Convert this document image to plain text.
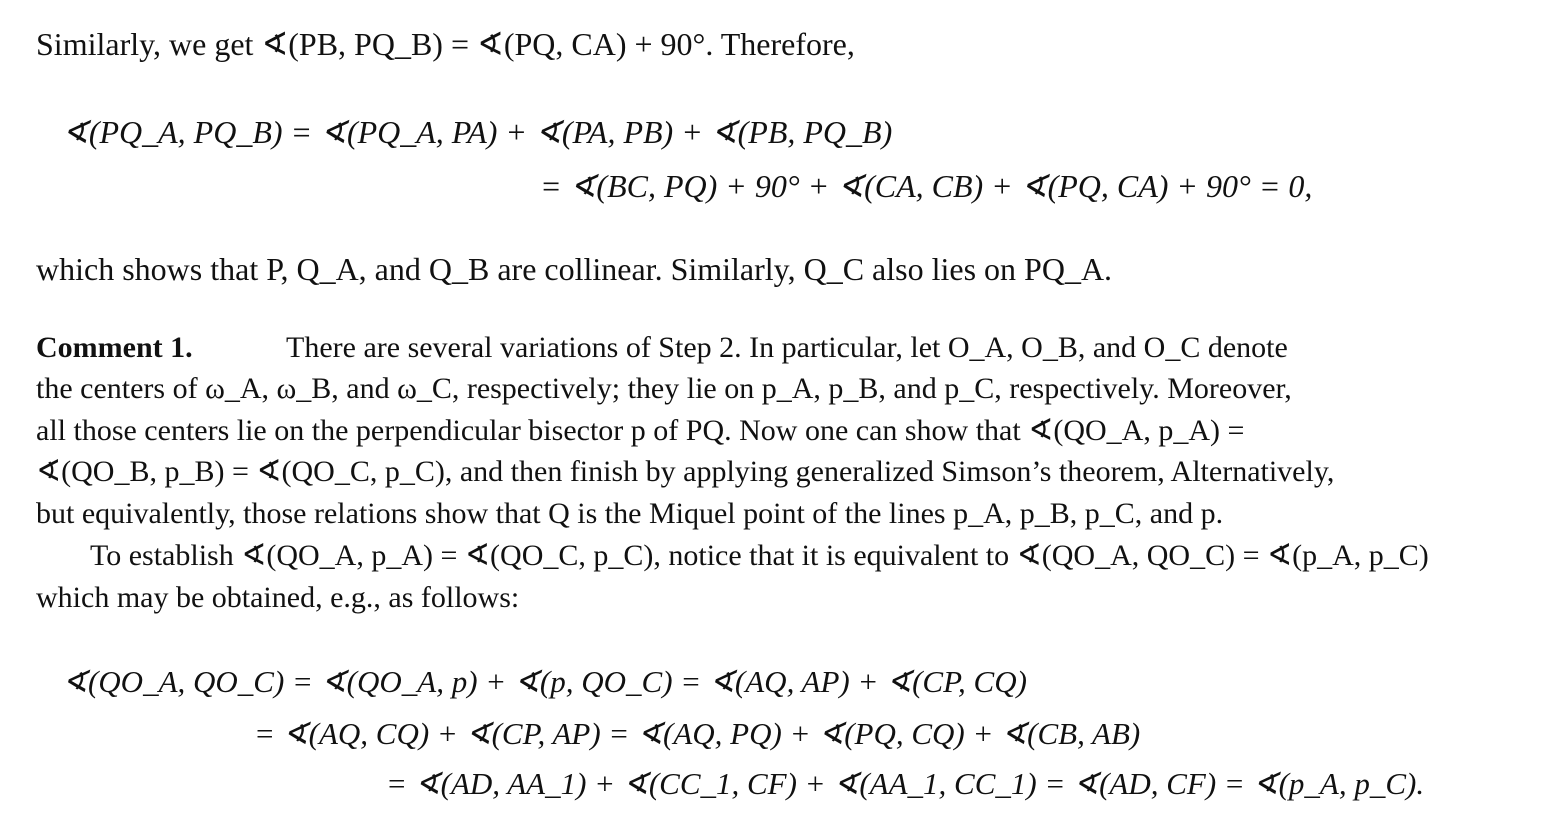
Similarly, we get ∢(PB, PQ_B) = ∢(PQ, CA) + 90°. Therefore,
∢(PQ_A, PQ_B) = ∢(PQ_A, PA) + ∢(PA, PB) + ∢(PB, PQ_B)
= ∢(BC, PQ) + 90° + ∢(CA, CB) + ∢(PQ, CA) + 90° = 0,
which shows that P, Q_A, and Q_B are collinear. Similarly, Q_C also lies on PQ_A.
Comment 1.	There are several variations of Step 2. In particular, let O_A, O_B, and O_C denote
the centers of ω_A, ω_B, and ω_C, respectively; they lie on p_A, p_B, and p_C, respectively. Moreover,
all those centers lie on the perpendicular bisector p of PQ. Now one can show that ∢(QO_A, p_A) =
∢(QO_B, p_B) = ∢(QO_C, p_C), and then finish by applying generalized Simson’s theorem, Alternatively,
but equivalently, those relations show that Q is the Miquel point of the lines p_A, p_B, p_C, and p.
To establish ∢(QO_A, p_A) = ∢(QO_C, p_C), notice that it is equivalent to ∢(QO_A, QO_C) = ∢(p_A, p_C)
which may be obtained, e.g., as follows:
∢(QO_A, QO_C) = ∢(QO_A, p) + ∢(p, QO_C) = ∢(AQ, AP) + ∢(CP, CQ)
= ∢(AQ, CQ) + ∢(CP, AP) = ∢(AQ, PQ) + ∢(PQ, CQ) + ∢(CB, AB)
= ∢(AD, AA_1) + ∢(CC_1, CF) + ∢(AA_1, CC_1) = ∢(AD, CF) = ∢(p_A, p_C).
